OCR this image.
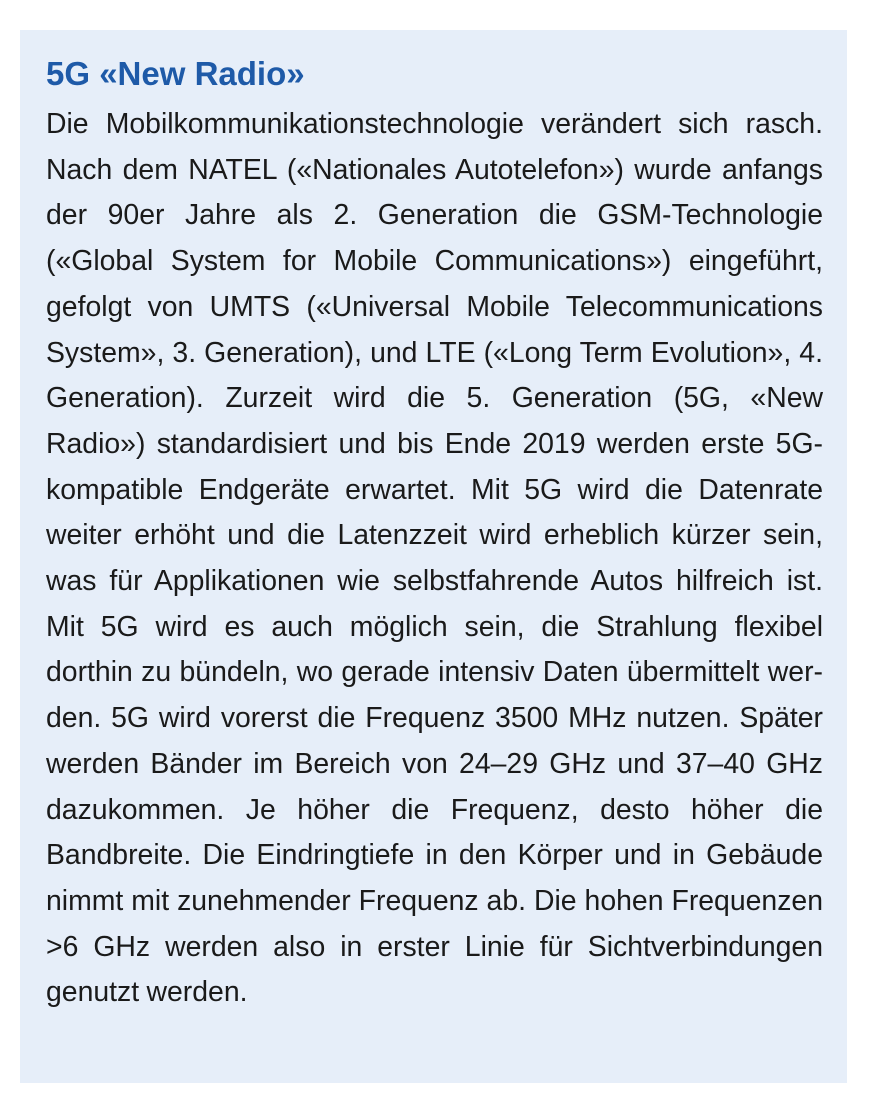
5G «New Radio»

Die Mobilkommunikationstechnologie verändert sich rasch. Nach dem NATEL («Nationales Autotelefon») wurde anfangs der 90er Jahre als 2. Generation die GSM-Technologie («Global System for Mobile Communications») eingeführt, gefolgt von UMTS («Universal Mobile Telecommunications System», 3. Generation), und LTE («Long Term Evolution», 4. Generation). Zurzeit wird die 5. Generation (5G, «New Radio») standardisiert und bis Ende 2019 werden erste 5G-kompatible Endgeräte erwartet. Mit 5G wird die Datenrate weiter erhöht und die Latenzzeit wird erheblich kürzer sein, was für Applikationen wie selbstfahrende Autos hilfreich ist. Mit 5G wird es auch möglich sein, die Strahlung flexibel dorthin zu bündeln, wo gerade intensiv Daten übermittelt werden. 5G wird vorerst die Frequenz 3500 MHz nutzen. Später werden Bänder im Bereich von 24–29 GHz und 37–40 GHz dazukommen. Je höher die Frequenz, desto höher die Bandbreite. Die Eindringtiefe in den Körper und in Gebäude nimmt mit zunehmender Frequenz ab. Die hohen Frequenzen >6 GHz werden also in erster Linie für Sichtverbindungen genutzt werden.
